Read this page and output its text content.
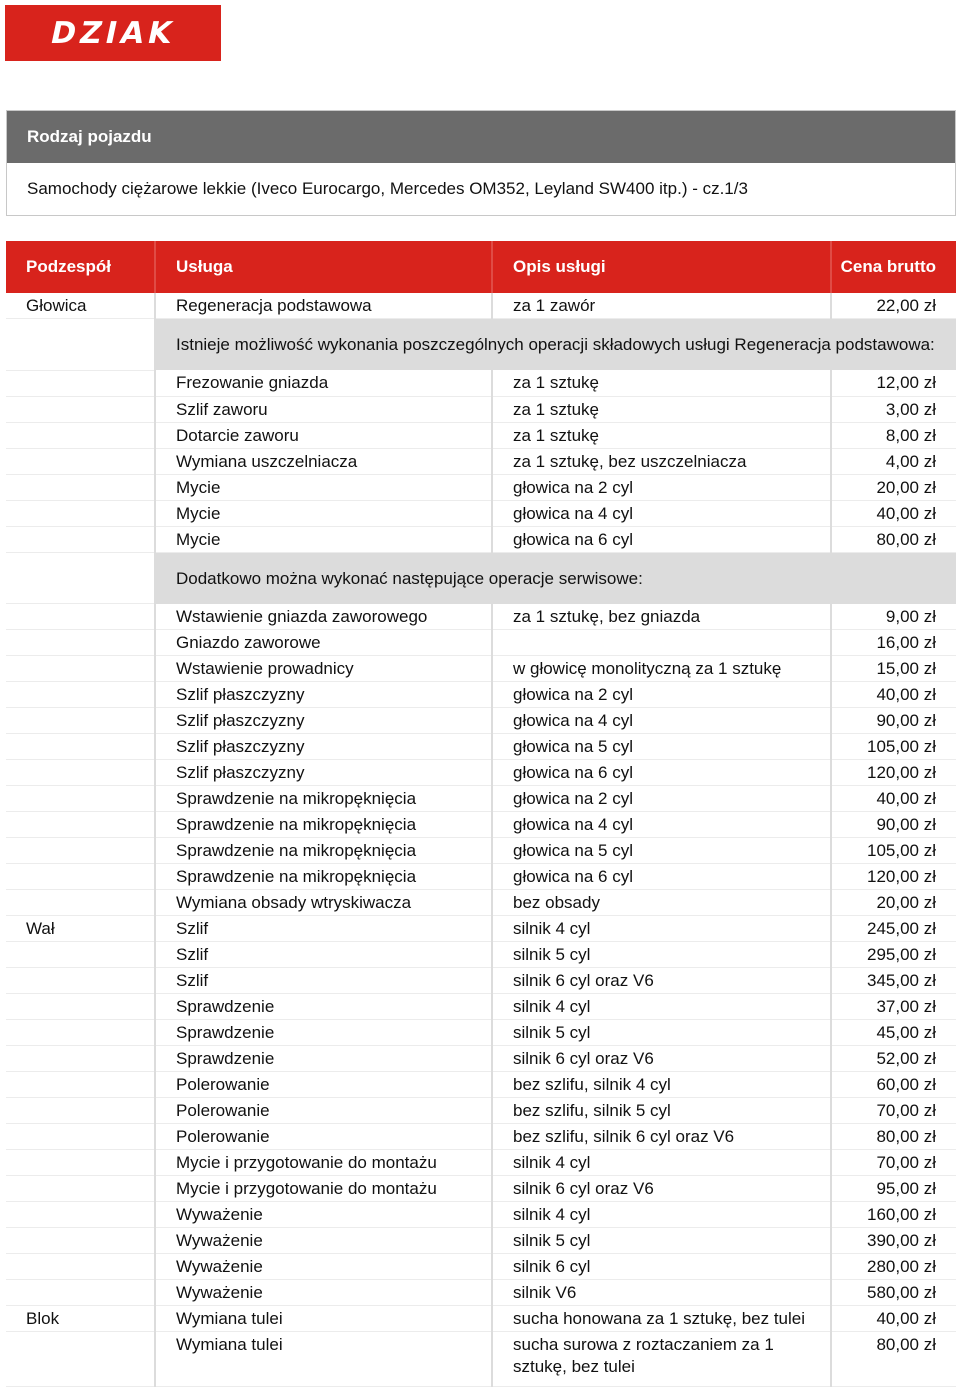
DZIAK
Rodzaj pojazdu
Samochody ciężarowe lekkie (Iveco Eurocargo, Mercedes OM352, Leyland SW400 itp.) - cz.1/3
Podzespół	Usługa	Opis usługi	Cena brutto
Głowica	Regeneracja podstawowa	za 1 zawór	22,00 zł
	Istnieje możliwość wykonania poszczególnych operacji składowych usługi Regeneracja podstawowa:		
	Frezowanie gniazda	za 1 sztukę	12,00 zł
	Szlif zaworu	za 1 sztukę	3,00 zł
	Dotarcie zaworu	za 1 sztukę	8,00 zł
	Wymiana uszczelniacza	za 1 sztukę, bez uszczelniacza	4,00 zł
	Mycie	głowica na 2 cyl	20,00 zł
	Mycie	głowica na 4 cyl	40,00 zł
	Mycie	głowica na 6 cyl	80,00 zł
	Dodatkowo można wykonać następujące operacje serwisowe:		
	Wstawienie gniazda zaworowego	za 1 sztukę, bez gniazda	9,00 zł
	Gniazdo zaworowe		16,00 zł
	Wstawienie prowadnicy	w głowicę monolityczną za 1 sztukę	15,00 zł
	Szlif płaszczyzny	głowica na 2 cyl	40,00 zł
	Szlif płaszczyzny	głowica na 4 cyl	90,00 zł
	Szlif płaszczyzny	głowica na 5 cyl	105,00 zł
	Szlif płaszczyzny	głowica na 6 cyl	120,00 zł
	Sprawdzenie na mikropęknięcia	głowica na 2 cyl	40,00 zł
	Sprawdzenie na mikropęknięcia	głowica na 4 cyl	90,00 zł
	Sprawdzenie na mikropęknięcia	głowica na 5 cyl	105,00 zł
	Sprawdzenie na mikropęknięcia	głowica na 6 cyl	120,00 zł
	Wymiana obsady wtryskiwacza	bez obsady	20,00 zł
Wał	Szlif	silnik 4 cyl	245,00 zł
	Szlif	silnik 5 cyl	295,00 zł
	Szlif	silnik 6 cyl oraz V6	345,00 zł
	Sprawdzenie	silnik 4 cyl	37,00 zł
	Sprawdzenie	silnik 5 cyl	45,00 zł
	Sprawdzenie	silnik 6 cyl oraz V6	52,00 zł
	Polerowanie	bez szlifu, silnik 4 cyl	60,00 zł
	Polerowanie	bez szlifu, silnik 5 cyl	70,00 zł
	Polerowanie	bez szlifu, silnik 6 cyl oraz V6	80,00 zł
	Mycie i przygotowanie do montażu	silnik 4 cyl	70,00 zł
	Mycie i przygotowanie do montażu	silnik 6 cyl oraz V6	95,00 zł
	Wyważenie	silnik 4 cyl	160,00 zł
	Wyważenie	silnik 5 cyl	390,00 zł
	Wyważenie	silnik 6 cyl	280,00 zł
	Wyważenie	silnik V6	580,00 zł
Blok	Wymiana tulei	sucha honowana za 1 sztukę, bez tulei	40,00 zł
	Wymiana tulei	sucha surowa z roztaczaniem za 1 sztukę, bez tulei	80,00 zł
